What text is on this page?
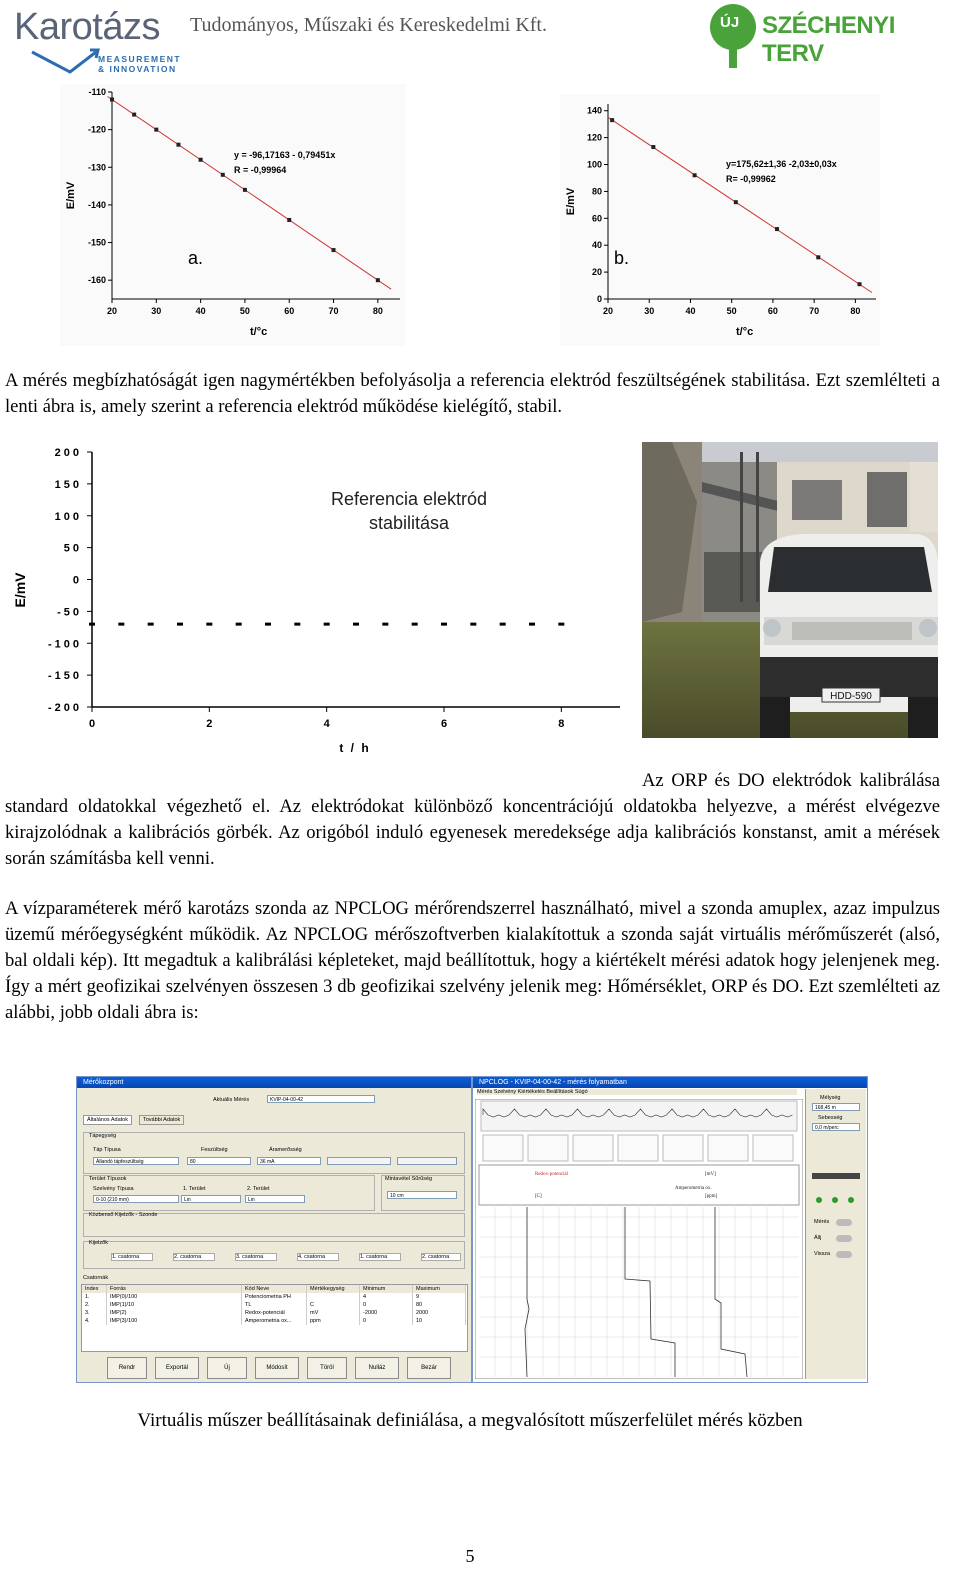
Karotázs
MEASUREMENT
& INNOVATION
Tudományos, Műszaki és Kereskedelmi Kft.	ÚJ SZÉCHENYI TERV
-110
-120
-130
-140
-150
-160
20	30	40	50	60	70	80
y = -96,17163 - 0,79451x
R = -0,99964
a.
t/°c
E/mV
0
20
40
60
80
100
120
140
20	30	40	50	60	70	80
y=175,62±1,36 -2,03±0,03x
R= -0,99962
b.
t/°c
E/mV

A mérés megbízhatóságát igen nagymértékben befolyásolja a referencia elektród feszültségének stabilitása. Ezt szemlélteti a lenti ábra is, amely szerint a referencia elektród működése kielégítő, stabil.

200
150
100
50
0
-50
-100
-150
-200
0	2	4	6	8
Referencia elektród
stabilitása
t / h
E/mV
HDD-590

Az ORP és DO elektródok kalibrálása standard oldatokkal végezhető el. Az elektródokat különböző koncentrációjú oldatokba helyezve, a mérést elvégezve kirajzolódnak a kalibrációs görbék. Az origóból induló egyenesek meredeksége adja kalibrációs konstanst, amit a mérések során számításba kell venni.

A vízparaméterek mérő karotázs szonda az NPCLOG mérőrendszerrel használható, mivel a szonda amuplex, azaz impulzus üzemű mérőegységként működik. Az NPCLOG mérőszoftverben kialakítottuk a szonda saját virtuális mérőműszerét (alsó, bal oldali kép). Itt megadtuk a kalibrálási képleteket, majd beállítottuk, hogy a kiértékelt mérési adatok hogy jelenjenek meg. Így a mért geofizikai szelvényen összesen 3 db geofizikai szelvény jelenik meg: Hőmérséklet, ORP és DO. Ezt szemlélteti az alábbi, jobb oldali ábra is:

Mérőkozpont
Aktuális Mérés	KVIP-04-00-42
Általános Adatok	További Adatok
Tápegység
Táp Típusa
Állandó tápfeszültség
Feszültség
80
Áramerősség
36 mA
Terület Típusok
Szelvény Típusa
0-10 (210 mm)
1. Terület
Lin
2. Terület
Lin
Mintavétel Sűrűség
10 cm
Közbenső Kijelzők - Szonde
Kijelzők
1. csatorna	2. csatorna	3. csatorna	4. csatorna	1. csatorna	2. csatorna
Csatornák
Index	Forrás	Kód Neve	Mértékegység	Minimum	Maximum
1.	IMP(0)/100	Potenciometria PH		4	9
2.	IMP(1)/10	TL	C	0	80
3.	IMP(2)	Redox-potenciál	mV	-2000	2000
4.	IMP(3)/100	Amperometria ox...	ppm	0	10
Rendr	Exportál	Új	Módosít	Töröl	Nulláz	Bezár
NPCLOG - KVIP-04-00-42 - mérés folyamatban
Mérés Szelvény Kiértékelés Beállítások Súgó
Redox-potenciál
Amperometria ox.
[mV]
[ppm]
[C]
Mélység
168,45 m
Sebesség
0,0 m/perc
Mérés
Állj
Vissza
Virtuális műszer beállításainak definiálása, a megvalósított műszerfelület mérés közben
5
